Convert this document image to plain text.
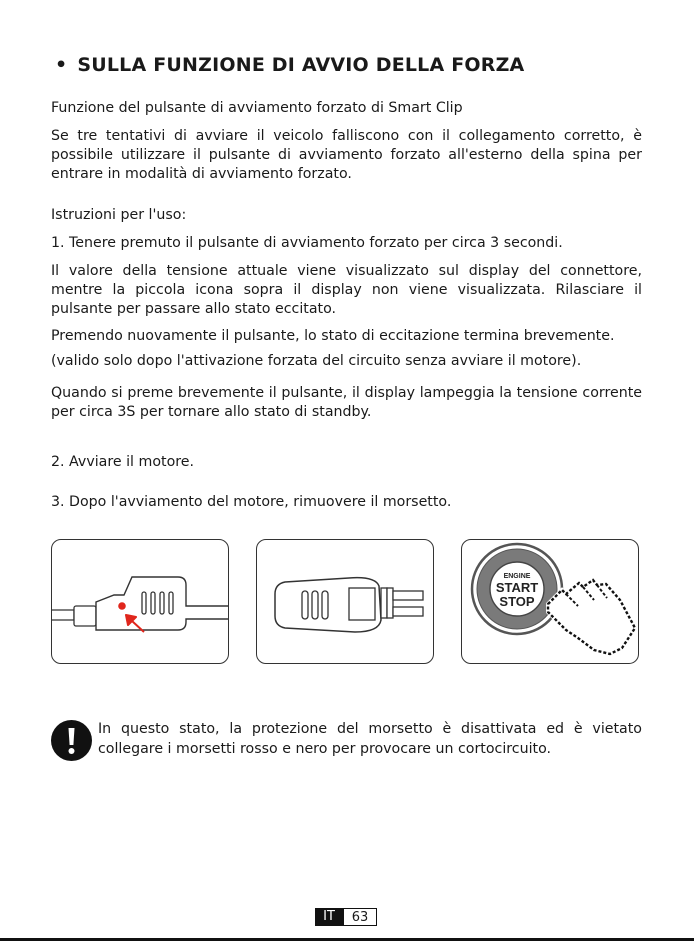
• SULLA FUNZIONE DI AVVIO DELLA FORZA
Funzione del pulsante di avviamento forzato di Smart Clip
Se tre tentativi di avviare il veicolo falliscono con il collegamento corretto, è possibile utilizzare il pulsante di avviamento forzato all'esterno della spina per entrare in modalità di avviamento forzato.
Istruzioni per l'uso:
1. Tenere premuto il pulsante di avviamento forzato per circa 3 secondi.
Il valore della tensione attuale viene visualizzato sul display del connettore, mentre la piccola icona sopra il display non viene visualizzata. Rilasciare il pulsante per passare allo stato eccitato.
Premendo nuovamente il pulsante, lo stato di eccitazione termina brevemente.
(valido solo dopo l'attivazione forzata del circuito senza avviare il motore).
Quando si preme brevemente il pulsante, il display lampeggia la tensione corrente per circa 3S per tornare allo stato di standby.
2. Avviare il motore.
3. Dopo l'avviamento del motore, rimuovere il morsetto.
ENGINE
START
STOP
In questo stato, la protezione del morsetto è disattivata ed è vietato collegare i morsetti rosso e nero per provocare un cortocircuito.
IT	63
